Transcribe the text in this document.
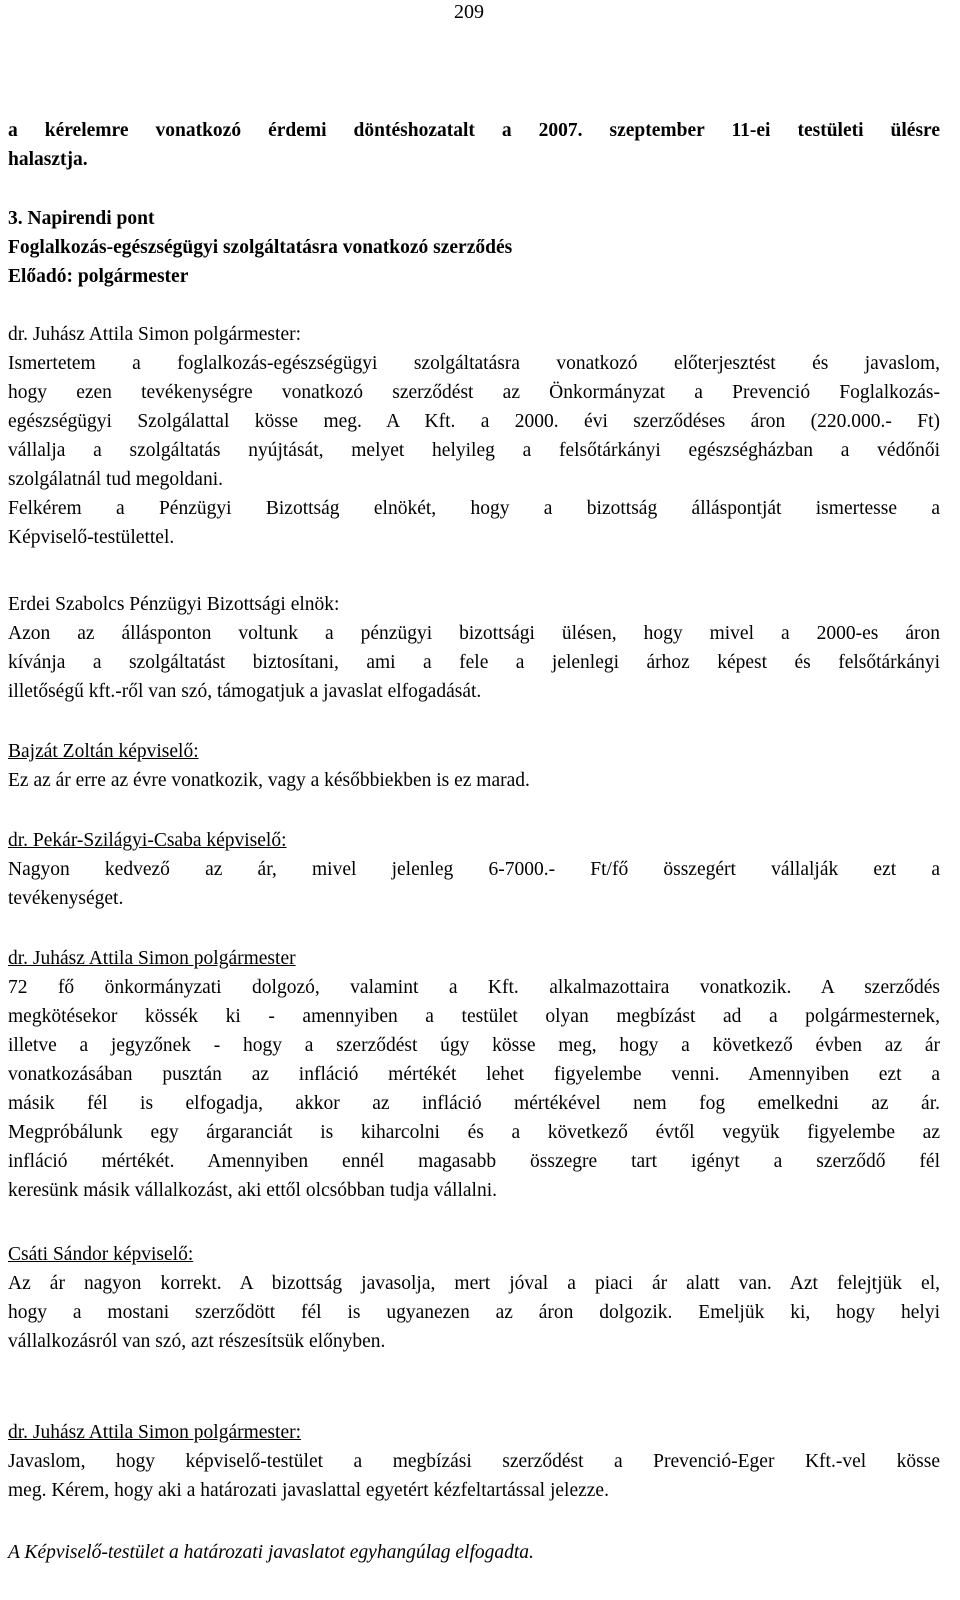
209
a kérelemre vonatkozó érdemi döntéshozatalt a 2007. szeptember 11-ei testületi ülésre
halasztja.
3. Napirendi pont
Foglalkozás-egészségügyi szolgáltatásra vonatkozó szerződés
Előadó: polgármester
dr. Juhász Attila Simon polgármester:
Ismertetem a foglalkozás-egészségügyi szolgáltatásra vonatkozó előterjesztést és javaslom,
hogy ezen tevékenységre vonatkozó szerződést az Önkormányzat a Prevenció Foglalkozás-
egészségügyi Szolgálattal kösse meg. A Kft. a 2000. évi szerződéses áron (220.000.- Ft)
vállalja a szolgáltatás nyújtását, melyet helyileg a felsőtárkányi egészségházban a védőnői
szolgálatnál tud megoldani.
Felkérem a Pénzügyi Bizottság elnökét, hogy a bizottság álláspontját ismertesse a
Képviselő-testülettel.
Erdei Szabolcs Pénzügyi Bizottsági elnök:
Azon az állásponton voltunk a pénzügyi bizottsági ülésen, hogy mivel a 2000-es áron
kívánja a szolgáltatást biztosítani, ami a fele a jelenlegi árhoz képest és felsőtárkányi
illetőségű kft.-ről van szó, támogatjuk a javaslat elfogadását.
Bajzát Zoltán képviselő:
Ez az ár erre az évre vonatkozik, vagy a későbbiekben is ez marad.
dr. Pekár-Szilágyi-Csaba képviselő:
Nagyon kedvező az ár, mivel jelenleg 6-7000.- Ft/fő összegért vállalják ezt a
tevékenységet.
dr. Juhász Attila Simon polgármester
72 fő önkormányzati dolgozó, valamint a Kft. alkalmazottaira vonatkozik. A szerződés
megkötésekor kössék ki - amennyiben a testület olyan megbízást ad a polgármesternek,
illetve a jegyzőnek - hogy a szerződést úgy kösse meg, hogy a következő évben az ár
vonatkozásában pusztán az infláció mértékét lehet figyelembe venni. Amennyiben ezt a
másik fél is elfogadja, akkor az infláció mértékével nem fog emelkedni az ár.
Megpróbálunk egy árgaranciát is kiharcolni és a következő évtől vegyük figyelembe az
infláció mértékét. Amennyiben ennél magasabb összegre tart igényt a szerződő fél
keresünk másik vállalkozást, aki ettől olcsóbban tudja vállalni.
Csáti Sándor képviselő:
Az ár nagyon korrekt. A bizottság javasolja, mert jóval a piaci ár alatt van. Azt felejtjük el,
hogy a mostani szerződött fél is ugyanezen az áron dolgozik. Emeljük ki, hogy helyi
vállalkozásról van szó, azt részesítsük előnyben.
dr. Juhász Attila Simon polgármester:
Javaslom, hogy képviselő-testület a megbízási szerződést a Prevenció-Eger Kft.-vel kösse
meg. Kérem, hogy aki a határozati javaslattal egyetért kézfeltartással jelezze.
A Képviselő-testület a határozati javaslatot egyhangúlag elfogadta.
